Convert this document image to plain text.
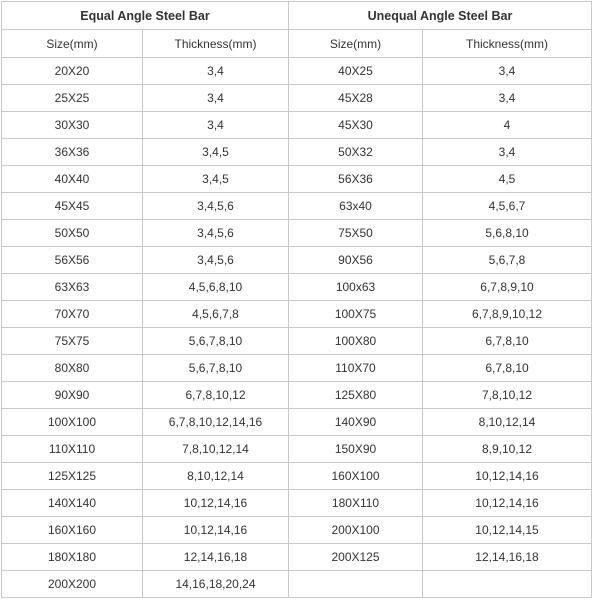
Equal Angle Steel Bar		Unequal Angle Steel Bar	
Size(mm)	Thickness(mm)	Size(mm)	Thickness(mm)
20X20	3,4	40X25	3,4
25X25	3,4	45X28	3,4
30X30	3,4	45X30	4
36X36	3,4,5	50X32	3,4
40X40	3,4,5	56X36	4,5
45X45	3,4,5,6	63x40	4,5,6,7
50X50	3,4,5,6	75X50	5,6,8,10
56X56	3,4,5,6	90X56	5,6,7,8
63X63	4,5,6,8,10	100x63	6,7,8,9,10
70X70	4,5,6,7,8	100X75	6,7,8,9,10,12
75X75	5,6,7,8,10	100X80	6,7,8,10
80X80	5,6,7,8,10	110X70	6,7,8,10
90X90	6,7,8,10,12	125X80	7,8,10,12
100X100	6,7,8,10,12,14,16	140X90	8,10,12,14
110X110	7,8,10,12,14	150X90	8,9,10,12
125X125	8,10,12,14	160X100	10,12,14,16
140X140	10,12,14,16	180X110	10,12,14,16
160X160	10,12,14,16	200X100	10,12,14,15
180X180	12,14,16,18	200X125	12,14,16,18
200X200	14,16,18,20,24		
